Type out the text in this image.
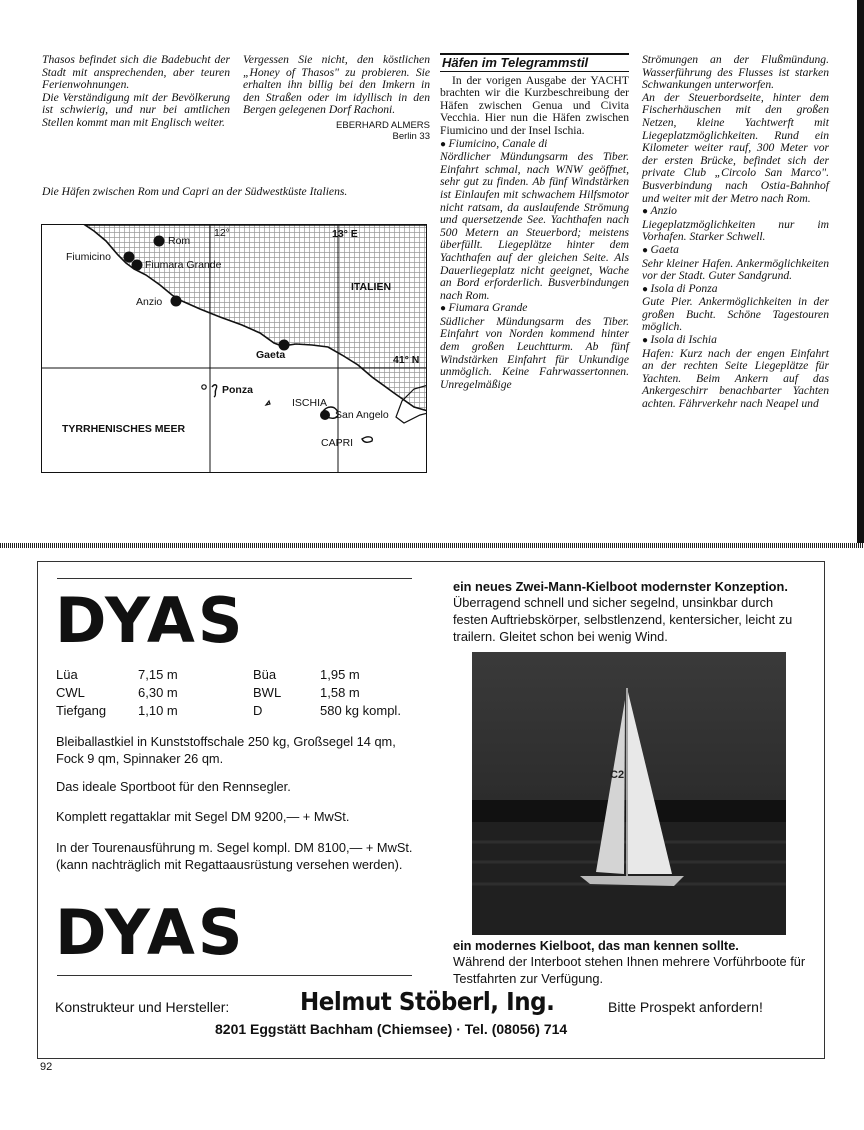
Thasos befindet sich die Badebucht der Stadt mit ansprechenden, aber teuren Ferienwohnungen.

Die Verständigung mit der Bevölkerung ist schwierig, und nur bei amtlichen Stellen kommt man mit Englisch weiter.

Vergessen Sie nicht, den köstlichen „Honey of Thasos" zu probieren. Sie erhalten ihn billig bei den Imkern in den Straßen oder im idyllisch in den Bergen gelegenen Dorf Rachoni.

EBERHARD ALMERS
Berlin 33
Die Häfen zwischen Rom und Capri an der Südwestküste Italiens.
12°	13° E
41° N
ITALIEN
TYRRHENISCHES MEER
Rom
Fiumicino
Fiumara Grande
Anzio
Gaeta
Ponza
ISCHIA
San Angelo
CAPRI
Häfen im Telegrammstil

In der vorigen Ausgabe der YACHT brachten wir die Kurzbeschreibung der Häfen zwischen Genua und Civita Vecchia. Hier nun die Häfen zwischen Fiumicino und der Insel Ischia.

● Fiumicino, Canale di

Nördlicher Mündungsarm des Tiber. Einfahrt schmal, nach WNW geöffnet, sehr gut zu finden. Ab fünf Windstärken ist Einlaufen mit schwachem Hilfsmotor nicht ratsam, da auslaufende Strömung und quersetzende See. Yachthafen nach 500 Metern an Steuerbord; meistens überfüllt. Liegeplätze hinter dem Yachthafen auf der gleichen Seite. Als Dauerliegeplatz nicht geeignet, Wache an Bord erforderlich. Busverbindungen nach Rom.

● Fiumara Grande

Südlicher Mündungsarm des Tiber. Einfahrt von Norden kommend hinter dem großen Leuchtturm. Ab fünf Windstärken Einfahrt für Unkundige unmöglich. Keine Fahrwassertonnen. Unregelmäßige

Strömungen an der Flußmündung. Wasserführung des Flusses ist starken Schwankungen unterworfen.

An der Steuerbordseite, hinter dem Fischerhäuschen mit den großen Netzen, kleine Yachtwerft mit Liegeplatzmöglichkeiten. Rund ein Kilometer weiter rauf, 300 Meter vor der ersten Brücke, befindet sich der private Club „Circolo San Marco". Busverbindung nach Ostia-Bahnhof und weiter mit der Metro nach Rom.

● Anzio

Liegeplatzmöglichkeiten nur im Vorhafen. Starker Schwell.

● Gaeta

Sehr kleiner Hafen. Ankermöglichkeiten vor der Stadt. Guter Sandgrund.

● Isola di Ponza

Gute Pier. Ankermöglichkeiten in der großen Bucht. Schöne Tagestouren möglich.

● Isola di Ischia

Hafen: Kurz nach der engen Einfahrt an der rechten Seite Liegeplätze für Yachten. Beim Ankern auf das Ankergeschirr benachbarter Yachten achten. Fährverkehr nach Neapel und

DYAS
Lüa	7,15 m	Büa	1,95 m
CWL	6,30 m	BWL	1,58 m
Tiefgang 1,10 m	D	580 kg kompl.
Bleiballastkiel in Kunststoffschale 250 kg, Großsegel 14 qm, Fock 9 qm, Spinnaker 26 qm.
Das ideale Sportboot für den Rennsegler.
Komplett regattaklar mit Segel DM 9200,— + MwSt.
In der Tourenausführung m. Segel kompl. DM 8100,— + MwSt. (kann nachträglich mit Regattaausrüstung versehen werden).
DYAS
ein neues Zwei-Mann-Kielboot modernster Konzeption.
Überragend schnell und sicher segelnd, unsinkbar durch festen Auftriebskörper, selbstlenzend, kentersicher, leicht zu trailern. Gleitet schon bei wenig Wind.
C2
ein modernes Kielboot, das man kennen sollte.
Während der Interboot stehen Ihnen mehrere Vorführboote für Testfahrten zur Verfügung.
Konstrukteur und Hersteller:	Helmut Stöberl, Ing.	Bitte Prospekt anfordern!
8201 Eggstätt Bachham (Chiemsee) · Tel. (08056) 714
92
